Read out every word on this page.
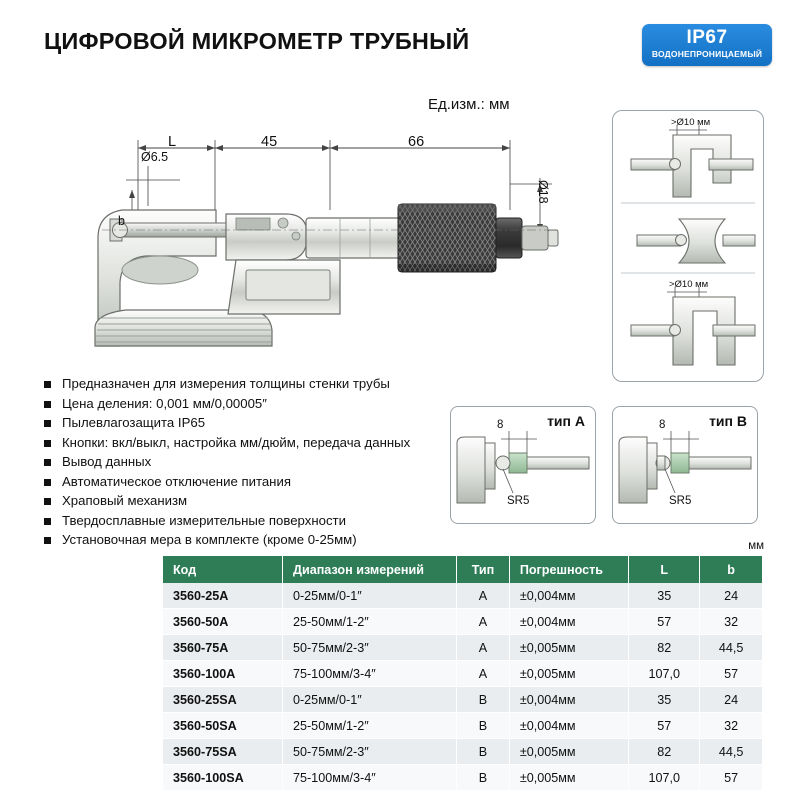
ЦИФРОВОЙ МИКРОМЕТР ТРУБНЫЙ	IP67
ВОДОНЕПРОНИЦАЕМЫЙ
Ед.изм.: мм
L	45	66
Ø6.5
b
Ø18
>Ø10 мм
>Ø10 мм
тип A
8
SR5
тип B
8
SR5
Предназначен для измерения толщины стенки трубы
Цена деления: 0,001 мм/0,00005″
Пылевлагозащита IP65
Кнопки: вкл/выкл, настройка мм/дюйм, передача данных
Вывод данных
Автоматическое отключение питания
Храповый механизм
Твердосплавные измерительные поверхности
Установочная мера в комплекте (кроме 0-25мм)	мм
Код	Диапазон измерений	Тип	Погрешность	L	b
3560-25A	0-25мм/0-1″	A	±0,004мм	35	24
3560-50A	25-50мм/1-2″	A	±0,004мм	57	32
3560-75A	50-75мм/2-3″	A	±0,005мм	82	44,5
3560-100A	75-100мм/3-4″	A	±0,005мм	107,0	57
3560-25SA	0-25мм/0-1″	B	±0,004мм	35	24
3560-50SA	25-50мм/1-2″	B	±0,004мм	57	32
3560-75SA	50-75мм/2-3″	B	±0,005мм	82	44,5
3560-100SA	75-100мм/3-4″	B	±0,005мм	107,0	57
